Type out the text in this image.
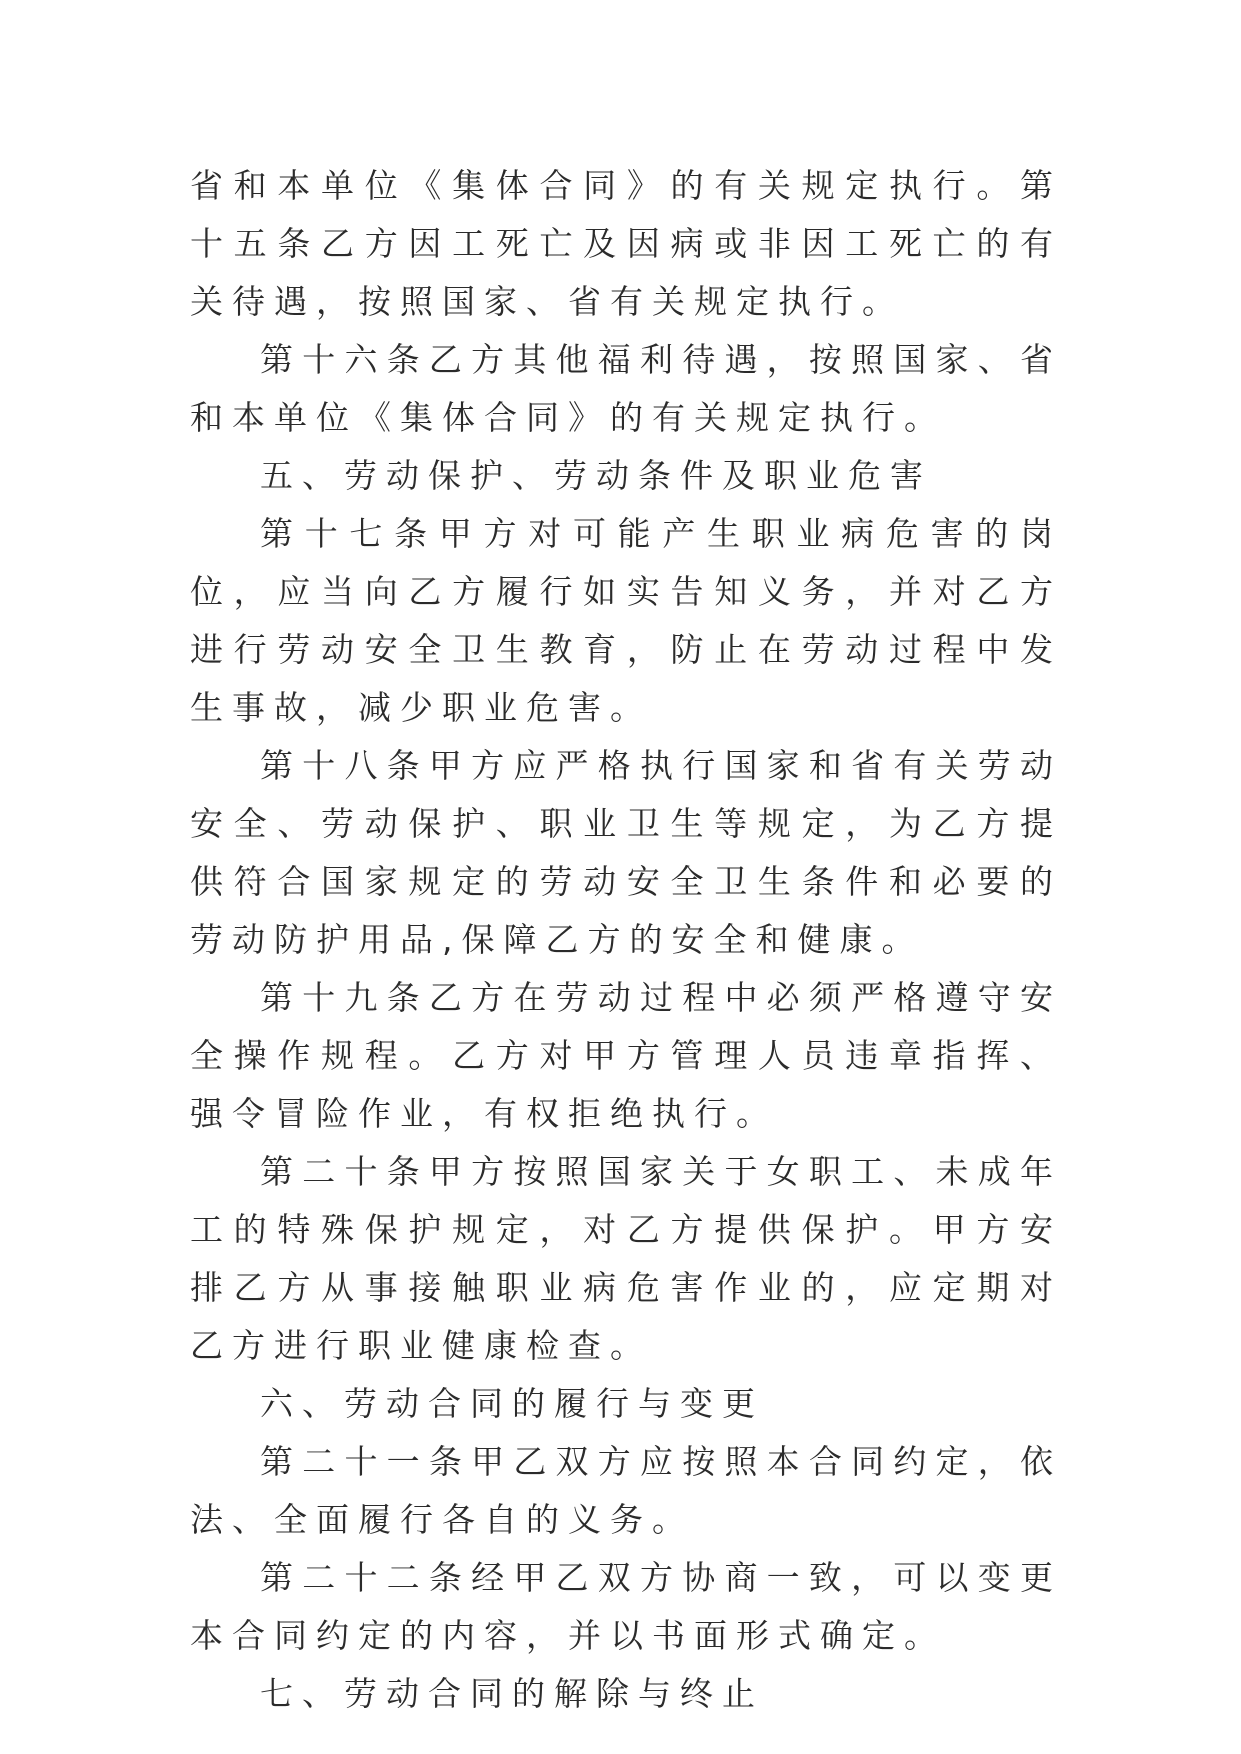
省和本单位《集体合同》的有关规定执行。第十五条乙方因工死亡及因病或非因工死亡的有关待遇，按照国家、省有关规定执行。

第十六条乙方其他福利待遇，按照国家、省和本单位《集体合同》的有关规定执行。

五、劳动保护、劳动条件及职业危害

第十七条甲方对可能产生职业病危害的岗位，应当向乙方履行如实告知义务，并对乙方进行劳动安全卫生教育，防止在劳动过程中发生事故，减少职业危害。

第十八条甲方应严格执行国家和省有关劳动安全、劳动保护、职业卫生等规定，为乙方提供符合国家规定的劳动安全卫生条件和必要的劳动防护用品,保障乙方的安全和健康。

第十九条乙方在劳动过程中必须严格遵守安全操作规程。乙方对甲方管理人员违章指挥、强令冒险作业，有权拒绝执行。

第二十条甲方按照国家关于女职工、未成年工的特殊保护规定，对乙方提供保护。甲方安排乙方从事接触职业病危害作业的，应定期对乙方进行职业健康检查。

六、劳动合同的履行与变更

第二十一条甲乙双方应按照本合同约定，依法、全面履行各自的义务。

第二十二条经甲乙双方协商一致，可以变更本合同约定的内容，并以书面形式确定。

七、劳动合同的解除与终止
